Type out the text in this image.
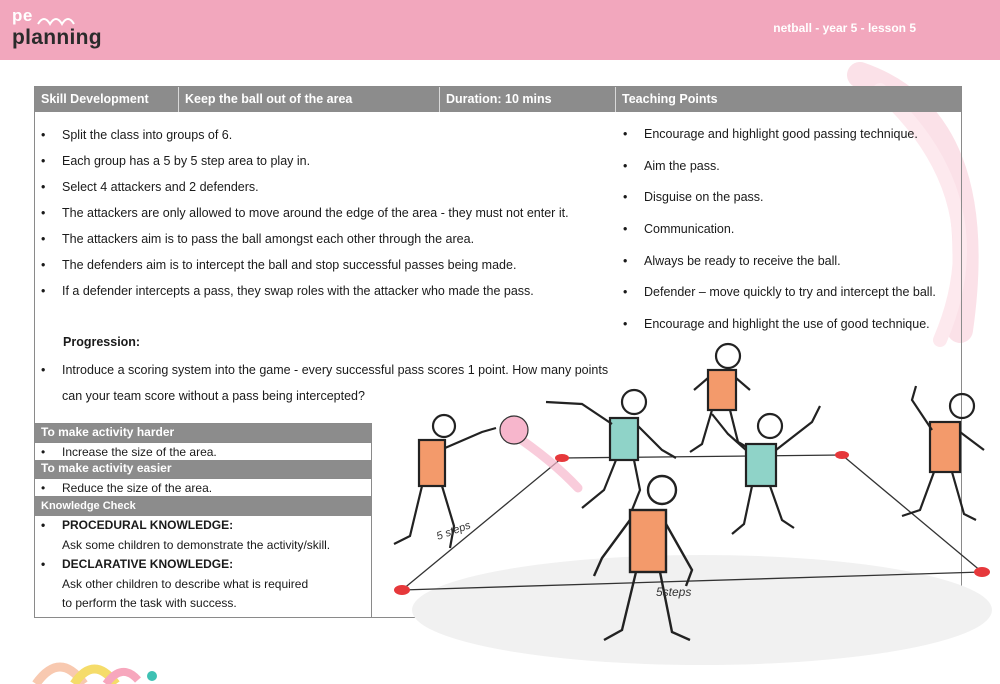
pe
planning	netball - year 5 - lesson 5
Skill Development	Keep the ball out of the area	Duration: 10 mins	Teaching Points
• Split the class into groups of 6.
• Each group has a 5 by 5 step area to play in.
• Select 4 attackers and 2 defenders.
• The attackers are only allowed to move around the edge of the area - they must not enter it.
• The attackers aim is to pass the ball amongst each other through the area.
• The defenders aim is to intercept the ball and stop successful passes being made.
• If a defender intercepts a pass, they swap roles with the attacker who made the pass.
Progression:
• Introduce a scoring system into the game - every successful pass scores 1 point. How many points can your team score without a pass being intercepted?
• Encourage and highlight good passing technique.
• Aim the pass.
• Disguise on the pass.
• Communication.
• Always be ready to receive the ball.
• Defender – move quickly to try and intercept the ball.
• Encourage and highlight the use of good technique.
To make activity harder
• Increase the size of the area.
To make activity easier
• Reduce the size of the area.
Knowledge Check
• PROCEDURAL KNOWLEDGE:
Ask some children to demonstrate the activity/skill.
• DECLARATIVE KNOWLEDGE:
Ask other children to describe what is required
to perform the task with success.
5 steps
5steps
